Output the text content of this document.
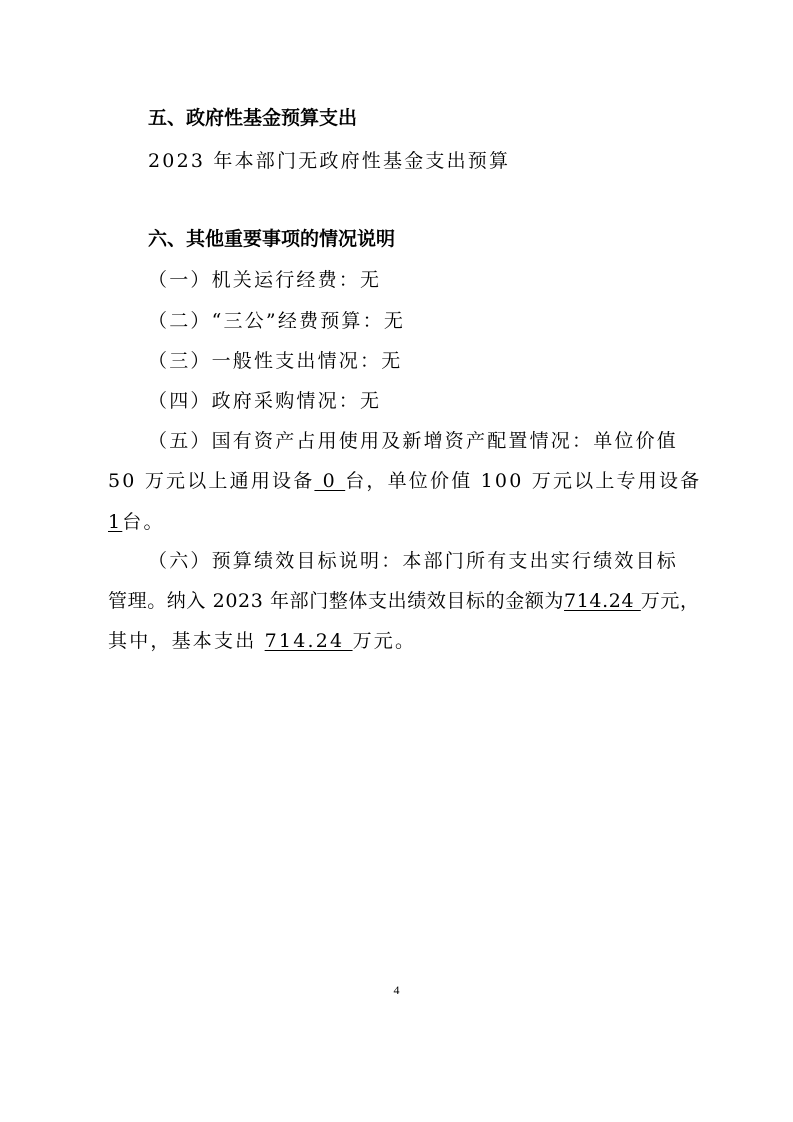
五、政府性基金预算支出
2023 年本部门无政府性基金支出预算
六、其他重要事项的情况说明
（一）机关运行经费：无
（二）“三公”经费预算：无
（三）一般性支出情况：无
（四）政府采购情况：无
（五）国有资产占用使用及新增资产配置情况：单位价值
50 万元以上通用设备 0 台，单位价值 100 万元以上专用设备
1台。
（六）预算绩效目标说明：本部门所有支出实行绩效目标
管理。纳入 2023 年部门整体支出绩效目标的金额为714.24 万元，
其中，基本支出 714.24 万元。
4
